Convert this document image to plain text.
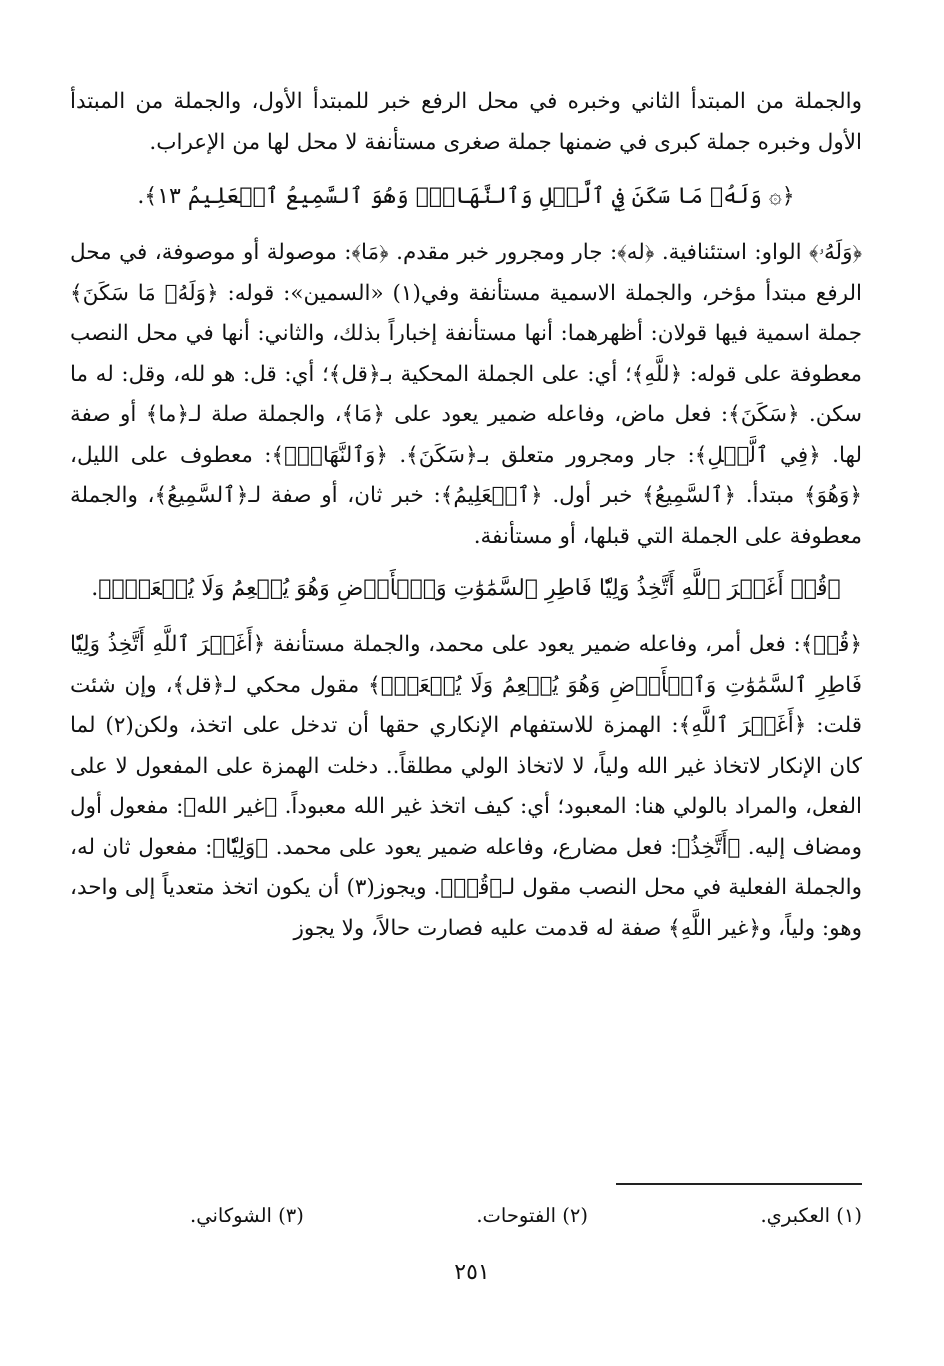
والجملة من المبتدأ الثاني وخبره في محل الرفع خبر للمبتدأ الأول، والجملة من المبتدأ الأول وخبره جملة كبرى في ضمنها جملة صغرى مستأنفة لا محل لها من الإعراب.

﴿۞ وَلَهُۥ مَا سَكَنَ فِي ٱلَّيۡلِ وَٱلنَّهَارِۚ وَهُوَ ٱلسَّمِيعُ ٱلۡعَلِيمُ ١٣﴾.

﴿وَلَهُۥ﴾ الواو: استئنافية. ﴿له﴾: جار ومجرور خبر مقدم. ﴿مَا﴾: موصولة أو موصوفة، في محل الرفع مبتدأ مؤخر، والجملة الاسمية مستأنفة وفي(١) «السمين»: قوله: ﴿وَلَهُۥ مَا سَكَنَ﴾ جملة اسمية فيها قولان: أظهرهما: أنها مستأنفة إخباراً بذلك، والثاني: أنها في محل النصب معطوفة على قوله: ﴿للَّهِ﴾؛ أي: على الجملة المحكية بـ﴿قل﴾؛ أي: قل: هو لله، وقل: له ما سكن. ﴿سَكَنَ﴾: فعل ماض، وفاعله ضمير يعود على ﴿مَا﴾، والجملة صلة لـ﴿ما﴾ أو صفة لها. ﴿فِي ٱلَّيۡلِ﴾: جار ومجرور متعلق بـ﴿سَكَنَ﴾. ﴿وَٱلنَّهَارِۚ﴾: معطوف على الليل، ﴿وَهُوَ﴾ مبتدأ. ﴿ٱلسَّمِيعُ﴾ خبر أول. ﴿ٱلۡعَلِيمُ﴾: خبر ثان، أو صفة لـ﴿ٱلسَّمِيعُ﴾، والجملة معطوفة على الجملة التي قبلها، أو مستأنفة.

﴿قُلۡ أَغَيۡرَ ٱللَّهِ أَتَّخِذُ وَلِيّٗا فَاطِرِ ٱلسَّمَٰوَٰتِ وَٱلۡأَرۡضِ وَهُوَ يُطۡعِمُ وَلَا يُطۡعَمُۗ﴾.

﴿قُلۡ﴾: فعل أمر، وفاعله ضمير يعود على محمد، والجملة مستأنفة ﴿أَغَيۡرَ ٱللَّهِ أَتَّخِذُ وَلِيّٗا فَاطِرِ ٱلسَّمَٰوَٰتِ وَٱلۡأَرۡضِ وَهُوَ يُطۡعِمُ وَلَا يُطۡعَمُۗ﴾ مقول محكي لـ﴿قل﴾، وإن شئت قلت: ﴿أَغَيۡرَ ٱللَّهِ﴾: الهمزة للاستفهام الإنكاري حقها أن تدخل على اتخذ، ولكن(٢) لما كان الإنكار لاتخاذ غير الله ولياً، لا لاتخاذ الولي مطلقاً.. دخلت الهمزة على المفعول لا على الفعل، والمراد بالولي هنا: المعبود؛ أي: كيف اتخذ غير الله معبوداً. ﴿غير الله﴾: مفعول أول ومضاف إليه. ﴿أَتَّخِذُ﴾: فعل مضارع، وفاعله ضمير يعود على محمد. ﴿وَلِيّٗا﴾: مفعول ثان له، والجملة الفعلية في محل النصب مقول لـ﴿قُلۡ﴾. ويجوز(٣) أن يكون اتخذ متعدياً إلى واحد، وهو: ولياً، و﴿غير اللَّهِ﴾ صفة له قدمت عليه فصارت حالاً، ولا يجوز

(١) العكبري.
(٢) الفتوحات.
(٣) الشوكاني.
٢٥١
